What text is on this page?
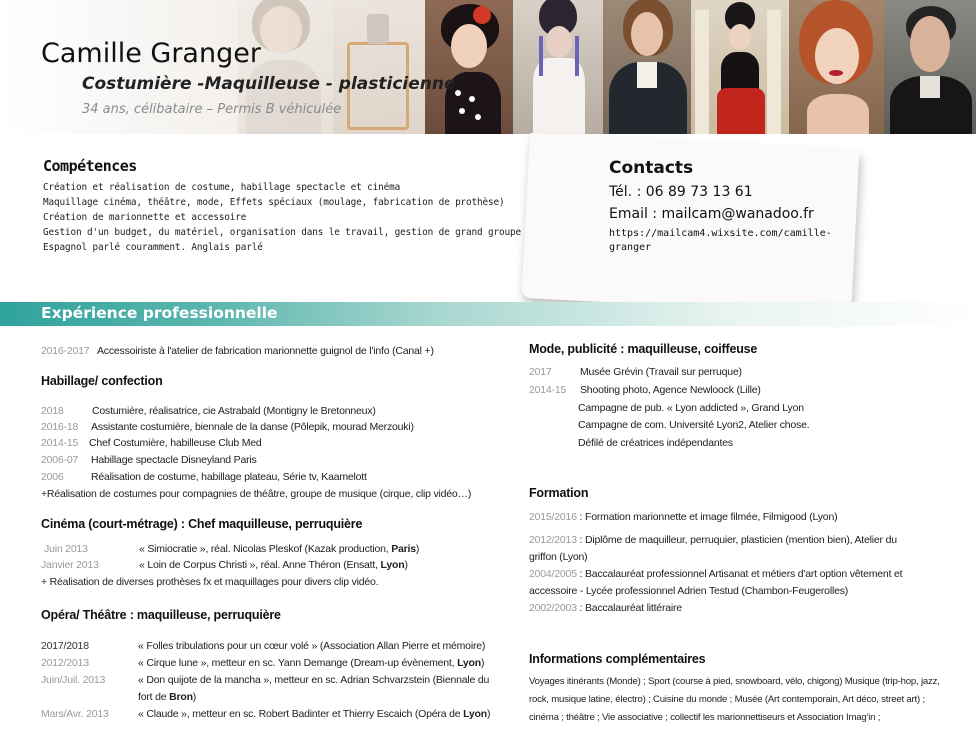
Camille Granger
Costumière -Maquilleuse - plasticienne
34 ans, célibataire – Permis B véhiculée
Compétences
Création et réalisation de costume, habillage spectacle et cinéma
Maquillage cinéma, théâtre, mode, Effets spéciaux (moulage, fabrication de prothèse)
Création de marionnette et accessoire
Gestion d'un budget, du matériel, organisation dans le travail, gestion de grand groupe
Espagnol parlé couramment. Anglais parlé
Contacts
Tél. : 06 89 73 13 61
Email : mailcam@wanadoo.fr
https://mailcam4.wixsite.com/camille-granger
Expérience professionnelle
2016-2017 Accessoiriste à l'atelier de fabrication marionnette guignol de l'info (Canal +)
Habillage/ confection
2018	Costumière, réalisatrice, cie Astrabald (Montigny le Bretonneux)
2016-18 Assistante costumière, biennale de la danse (Pôlepik, mourad Merzouki)
2014-15 Chef Costumière, habilleuse Club Med
2006-07 Habillage spectacle Disneyland Paris
2006	Réalisation de costume, habillage plateau, Série tv, Kaamelott
+Réalisation de costumes pour compagnies de théâtre, groupe de musique (cirque, clip vidéo…)
Cinéma (court-métrage) : Chef maquilleuse, perruquière
Juin 2013	« Simiocratie », réal. Nicolas Pleskof (Kazak production, Paris)
Janvier 2013	« Loin de Corpus Christi », réal. Anne Théron (Ensatt, Lyon)
+ Réalisation de diverses prothèses fx et maquillages pour divers clip vidéo.
Opéra/ Théâtre : maquilleuse, perruquière
2017/2018	« Folles tribulations pour un cœur volé » (Association Allan Pierre et mémoire)
2012/2013	« Cirque lune », metteur en sc. Yann Demange (Dream-up évènement, Lyon)
Juin/Juil. 2013	« Don quijote de la mancha », metteur en sc. Adrian Schvarzstein (Biennale du fort de Bron)
Mars/Avr. 2013	« Claude », metteur en sc. Robert Badinter et Thierry Escaich (Opéra de Lyon)
Mode, publicité : maquilleuse, coiffeuse
2017	Musée Grévin (Travail sur perruque)
2014-15 Shooting photo, Agence Newloock (Lille)
Campagne de pub. « Lyon addicted », Grand Lyon
Campagne de com. Université Lyon2, Atelier chose.
Défilé de créatrices indépendantes
Formation
2015/2016 : Formation marionnette et image filmée, Filmigood (Lyon)
2012/2013 : Diplôme de maquilleur, perruquier, plasticien (mention bien), Atelier du griffon (Lyon)
2004/2005 : Baccalauréat professionnel Artisanat et métiers d'art option vêtement et accessoire - Lycée professionnel Adrien Testud (Chambon-Feugerolles)
2002/2003 : Baccalauréat littéraire
Informations complémentaires
Voyages itinérants (Monde) ; Sport (course à pied, snowboard, vélo, chigong) Musique (trip-hop, jazz, rock, musique latine, électro) ; Cuisine du monde ; Musée (Art contemporain, Art déco, street art) ; cinéma ; théâtre ; Vie associative ; collectif les marionnettiseurs et Association Imag'in ;
